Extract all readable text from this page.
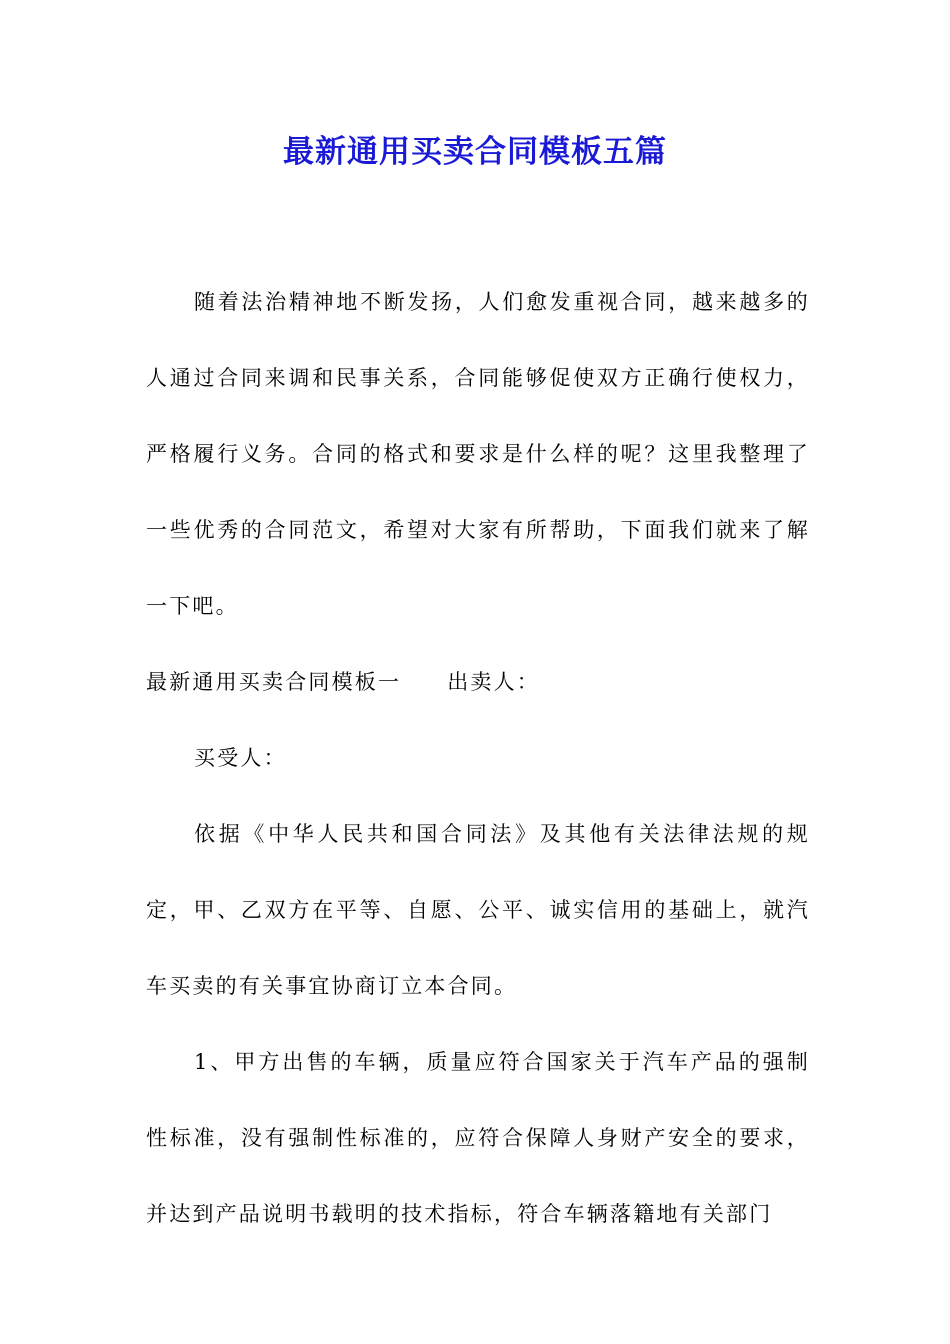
最新通用买卖合同模板五篇

随着法治精神地不断发扬，人们愈发重视合同，越来越多的人通过合同来调和民事关系，合同能够促使双方正确行使权力，严格履行义务。合同的格式和要求是什么样的呢？这里我整理了一些优秀的合同范文，希望对大家有所帮助，下面我们就来了解一下吧。

最新通用买卖合同模板一 出卖人：

买受人：

依据《中华人民共和国合同法》及其他有关法律法规的规定，甲、乙双方在平等、自愿、公平、诚实信用的基础上，就汽车买卖的有关事宜协商订立本合同。

1、甲方出售的车辆，质量应符合国家关于汽车产品的强制性标准，没有强制性标准的，应符合保障人身财产安全的要求，并达到产品说明书载明的技术指标，符合车辆落籍地有关部门
